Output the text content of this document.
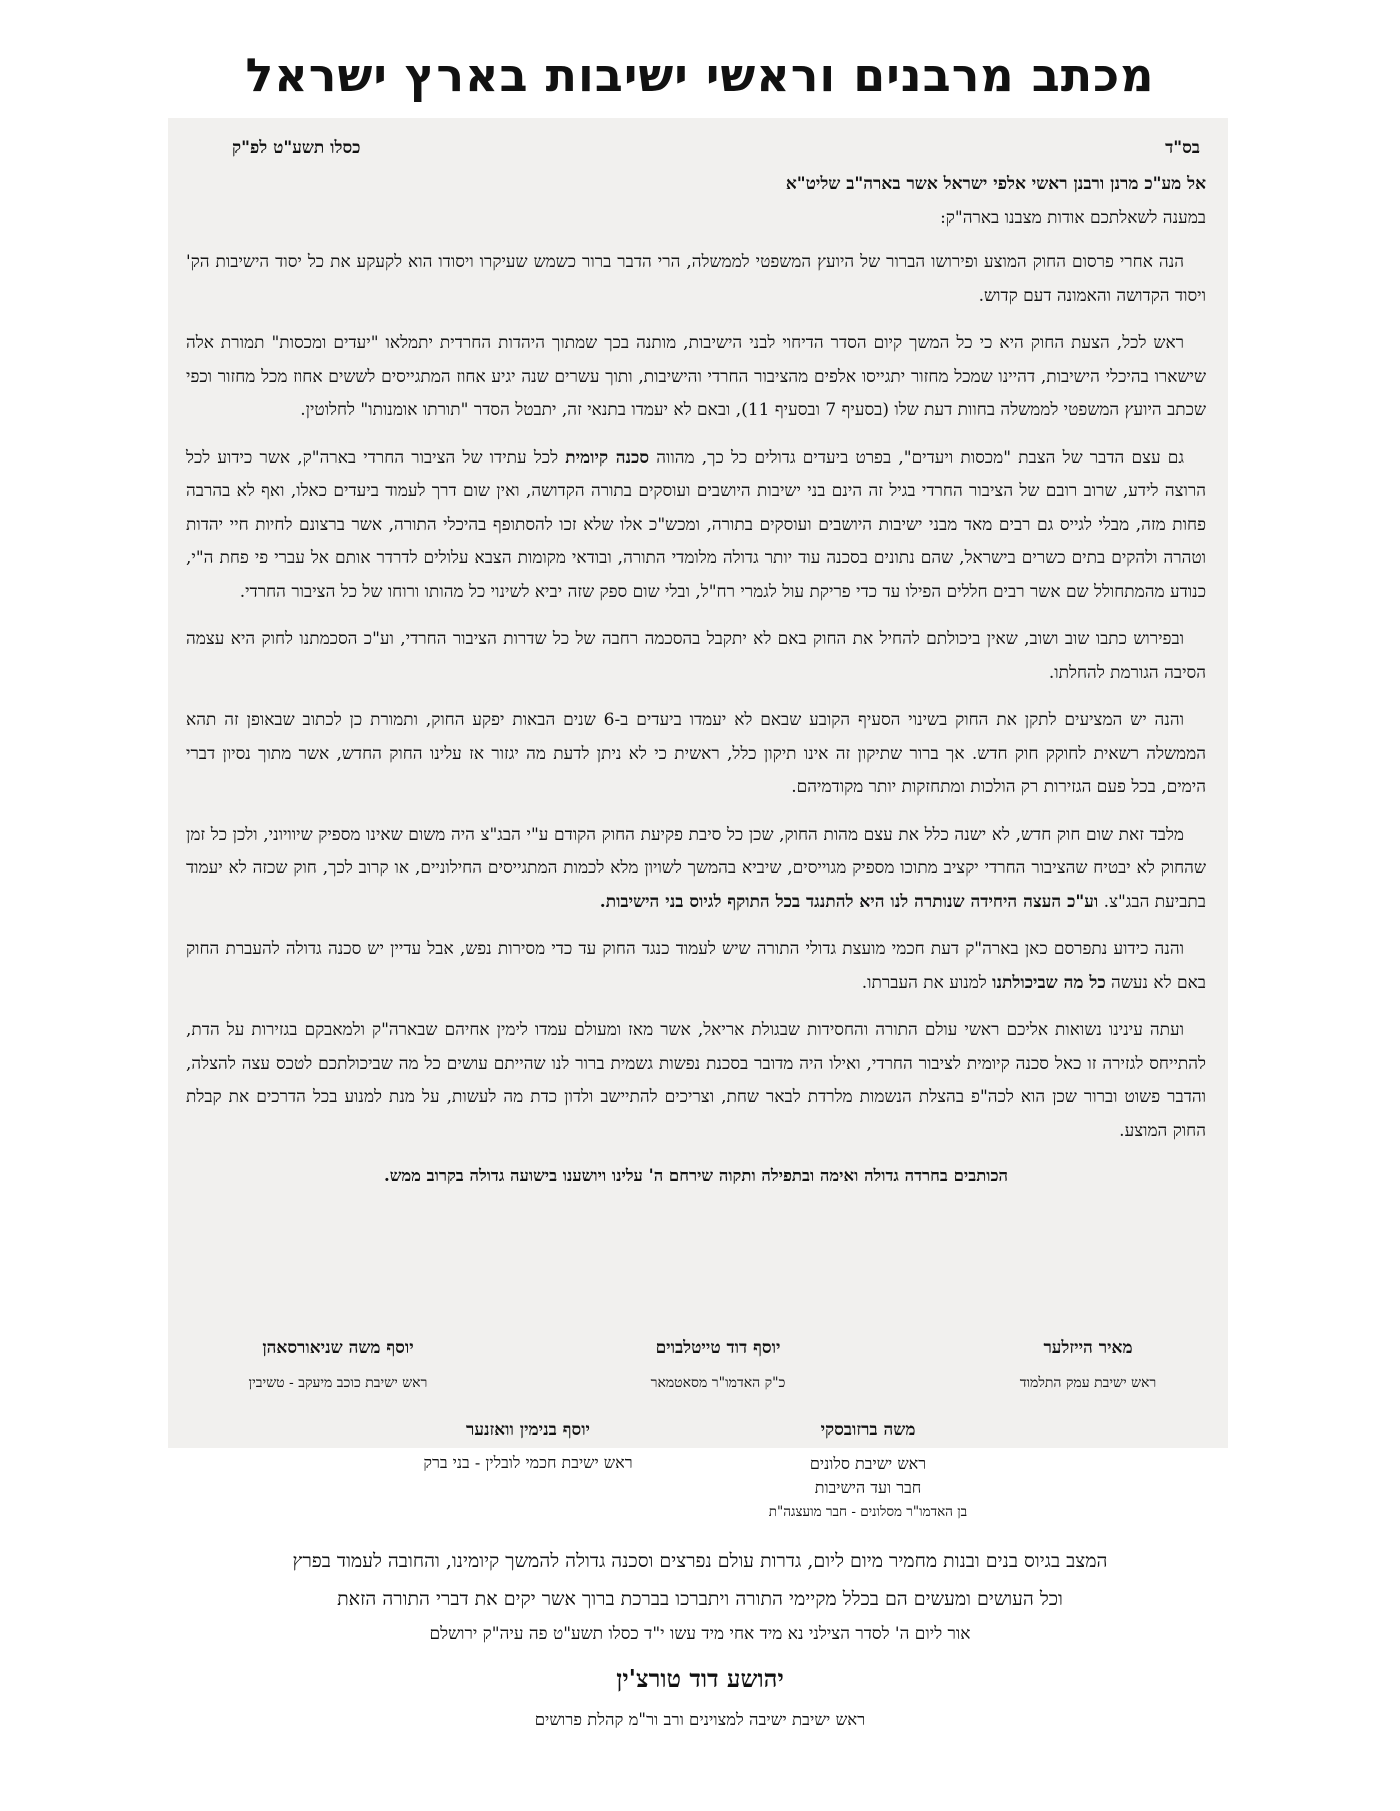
מכתב מרבנים וראשי ישיבות בארץ ישראל
בס"ד
כסלו תשע"ט לפ"ק

אל מע"כ מרנן ורבנן ראשי אלפי ישראל אשר בארה"ב שליט"א

במענה לשאלתכם אודות מצבנו בארה"ק:

הנה אחרי פרסום החוק המוצע ופירושו הברור של היועץ המשפטי לממשלה, הרי הדבר ברור כשמש שעיקרו ויסודו הוא לקעקע את כל יסוד הישיבות הק' ויסוד הקדושה והאמונה דעם קדוש.

ראש לכל, הצעת החוק היא כי כל המשך קיום הסדר הדיחוי לבני הישיבות, מותנה בכך שמתוך היהדות החרדית יתמלאו "יעדים ומכסות" תמורת אלה שישארו בהיכלי הישיבות, דהיינו שמכל מחזור יתגייסו אלפים מהציבור החרדי והישיבות, ותוך עשרים שנה יגיע אחוז המתגייסים לששים אחוז מכל מחזור וכפי שכתב היועץ המשפטי לממשלה בחוות דעת שלו (בסעיף 7 ובסעיף 11), ובאם לא יעמדו בתנאי זה, יתבטל הסדר "תורתו אומנותו" לחלוטין.

גם עצם הדבר של הצבת "מכסות ויעדים", בפרט ביעדים גדולים כל כך, מהווה סכנה קיומית לכל עתידו של הציבור החרדי בארה"ק, אשר כידוע לכל הרוצה לידע, שרוב רובם של הציבור החרדי בגיל זה הינם בני ישיבות היושבים ועוסקים בתורה הקדושה, ואין שום דרך לעמוד ביעדים כאלו, ואף לא בהרבה פחות מזה, מבלי לגייס גם רבים מאד מבני ישיבות היושבים ועוסקים בתורה, ומכש"כ אלו שלא זכו להסתופף בהיכלי התורה, אשר ברצונם לחיות חיי יהדות וטהרה ולהקים בתים כשרים בישראל, שהם נתונים בסכנה עוד יותר גדולה מלומדי התורה, ובודאי מקומות הצבא עלולים לדרדר אותם אל עברי פי פחת ה"י, כנודע מהמתחולל שם אשר רבים חללים הפילו עד כדי פריקת עול לגמרי רח"ל, ובלי שום ספק שזה יביא לשינוי כל מהותו ורוחו של כל הציבור החרדי.

ובפירוש כתבו שוב ושוב, שאין ביכולתם להחיל את החוק באם לא יתקבל בהסכמה רחבה של כל שדרות הציבור החרדי, וע"כ הסכמתנו לחוק היא עצמה הסיבה הגורמת להחלתו.

והנה יש המציעים לתקן את החוק בשינוי הסעיף הקובע שבאם לא יעמדו ביעדים ב-6 שנים הבאות יפקע החוק, ותמורת כן לכתוב שבאופן זה תהא הממשלה רשאית לחוקק חוק חדש. אך ברור שתיקון זה אינו תיקון כלל, ראשית כי לא ניתן לדעת מה יגזור אז עלינו החוק החדש, אשר מתוך נסיון דברי הימים, בכל פעם הגזירות רק הולכות ומתחזקות יותר מקודמיהם.

מלבד זאת שום חוק חדש, לא ישנה כלל את עצם מהות החוק, שכן כל סיבת פקיעת החוק הקודם ע"י הבג"צ היה משום שאינו מספיק שיוויוני, ולכן כל זמן שהחוק לא יבטיח שהציבור החרדי יקציב מתוכו מספיק מגוייסים, שיביא בהמשך לשויון מלא לכמות המתגייסים החילוניים, או קרוב לכך, חוק שכזה לא יעמוד בתביעת הבג"צ. וע"כ העצה היחידה שנותרה לנו היא להתנגד בכל התוקף לגיוס בני הישיבות.

והנה כידוע נתפרסם כאן בארה"ק דעת חכמי מועצת גדולי התורה שיש לעמוד כנגד החוק עד כדי מסירות נפש, אבל עדיין יש סכנה גדולה להעברת החוק באם לא נעשה כל מה שביכולתנו למנוע את העברתו.

ועתה עינינו נשואות אליכם ראשי עולם התורה והחסידות שבגולת אריאל, אשר מאז ומעולם עמדו לימין אחיהם שבארה"ק ולמאבקם בגזירות על הדת, להתייחס לגזירה זו כאל סכנה קיומית לציבור החרדי, ואילו היה מדובר בסכנת נפשות גשמית ברור לנו שהייתם עושים כל מה שביכולתכם לטכס עצה להצלה, והדבר פשוט וברור שכן הוא לכה"פ בהצלת הנשמות מלרדת לבאר שחת, וצריכים להתיישב ולדון כדת מה לעשות, על מנת למנוע בכל הדרכים את קבלת החוק המוצע.

הכותבים בחרדה גדולה ואימה ובתפילה ותקוה שירחם ה' עלינו ויושענו בישועה גדולה בקרוב ממש.

מאיר הייזלער
ראש ישיבת עמק התלמוד
יוסף דוד טייטלבוים
כ"ק האדמו"ר מסאטמאר
יוסף משה שניאורסאהן
ראש ישיבת כוכב מיעקב - טשיבין
משה ברזובסקי
ראש ישיבת סלונים
חבר ועד הישיבות
בן האדמו"ר מסלונים - חבר מועצגה"ת
יוסף בנימין וואזנער
ראש ישיבת חכמי לובלין - בני ברק

המצב בגיוס בנים ובנות מחמיר מיום ליום, גדרות עולם נפרצים וסכנה גדולה להמשך קיומינו, והחובה לעמוד בפרץ

וכל העושים ומעשים הם בכלל מקיימי התורה ויתברכו בברכת ברוך אשר יקים את דברי התורה הזאת

אור ליום ה' לסדר הצילני נא מיד אחי מיד עשו י"ד כסלו תשע"ט פה עיה"ק ירושלם

יהושע דוד טורצ'ין

ראש ישיבת ישיבה למצוינים ורב ור"מ קהלת פרושים
